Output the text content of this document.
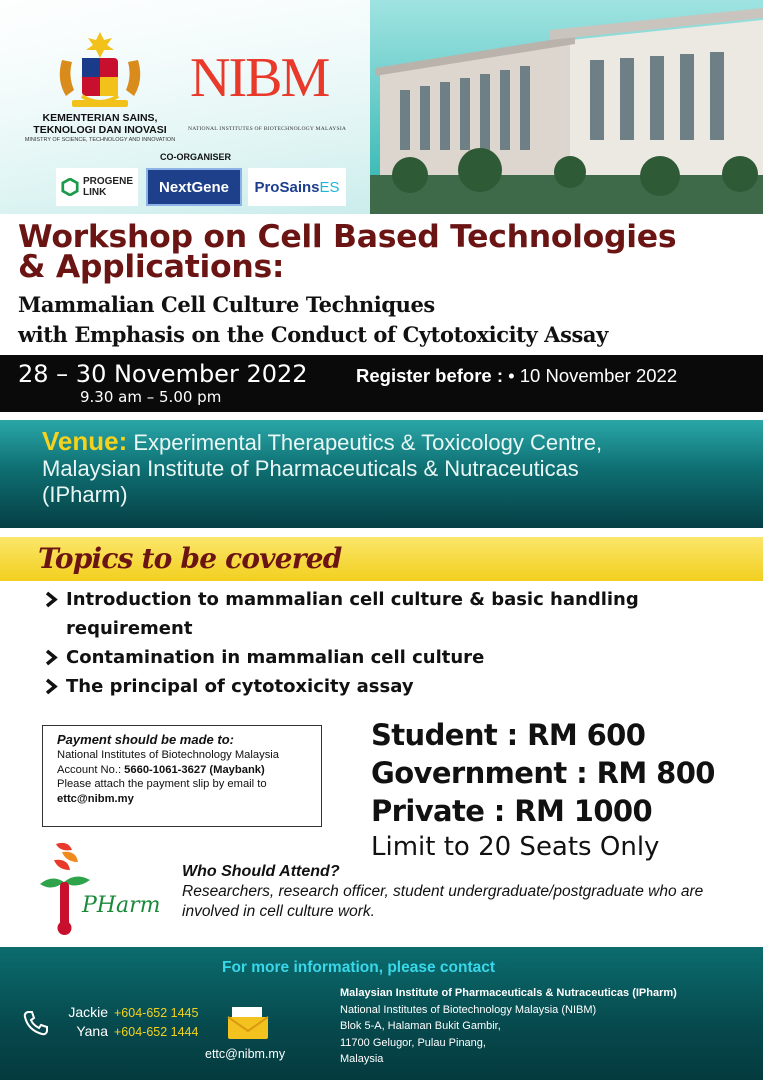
KEMENTERIAN SAINS,
TEKNOLOGI DAN INOVASI
MINISTRY OF SCIENCE, TECHNOLOGY AND INNOVATION
NIBM
NATIONAL INSTITUTES OF BIOTECHNOLOGY MALAYSIA
CO-ORGANISER
PROGENE
LINK	NextGene	ProSains ES
Workshop on Cell Based Technologies
& Applications:
Mammalian Cell Culture Techniques
with Emphasis on the Conduct of Cytotoxicity Assay
28 – 30 November 2022
9.30 am – 5.00 pm
Register before : • 10 November 2022
Venue: Experimental Therapeutics & Toxicology Centre,
Malaysian Institute of Pharmaceuticals & Nutraceuticas
(IPharm)
Topics to be covered
Introduction to mammalian cell culture & basic handling requirement
Contamination in mammalian cell culture
The principal of cytotoxicity assay
Payment should be made to:
National Institutes of Biotechnology Malaysia
Account No.: 5660-1061-3627 (Maybank)
Please attach the payment slip by email to
ettc@nibm.my
Student : RM 600
Government : RM 800
Private : RM 1000
Limit to 20 Seats Only
PHarm
Who Should Attend?
Researchers, research officer, student undergraduate/postgraduate who are involved in cell culture work.
For more information, please contact
Jackie +604-652 1445
Yana +604-652 1444
ettc@nibm.my
Malaysian Institute of Pharmaceuticals & Nutraceuticas (IPharm)
National Institutes of Biotechnology Malaysia (NIBM)
Blok 5-A, Halaman Bukit Gambir,
11700 Gelugor, Pulau Pinang,
Malaysia
